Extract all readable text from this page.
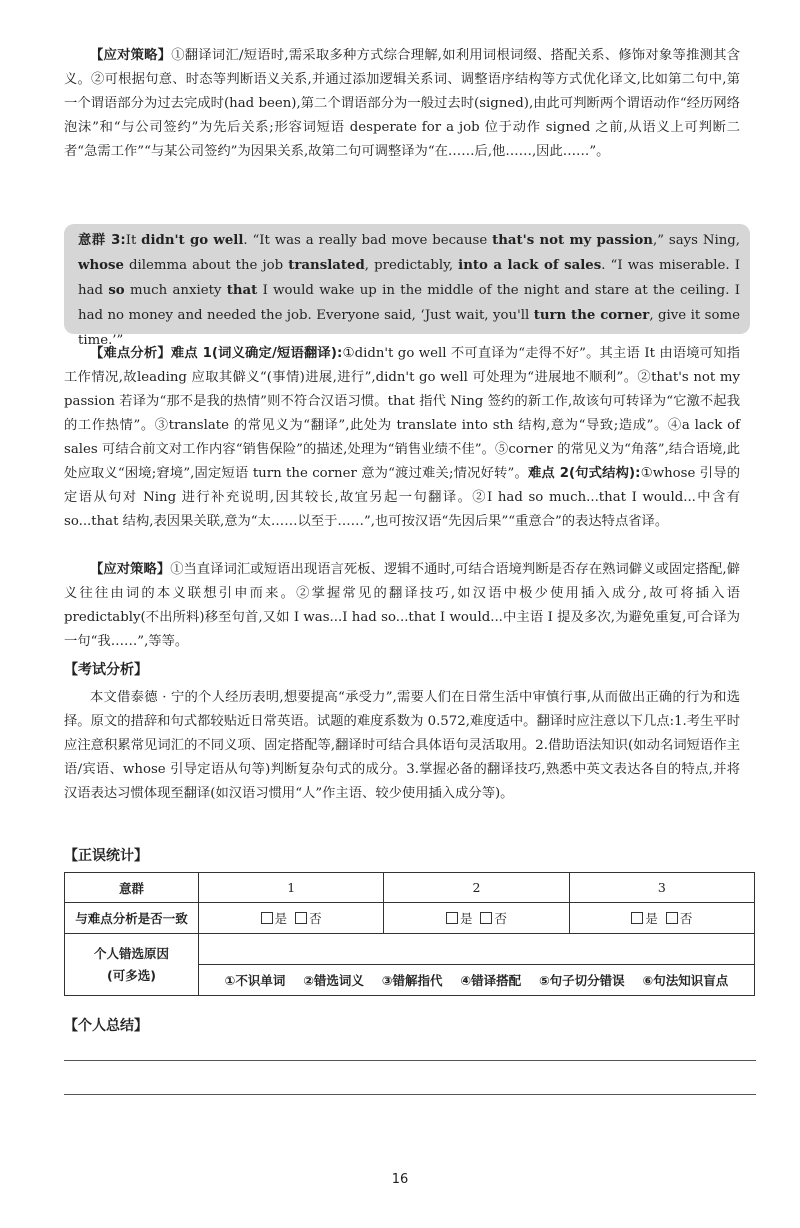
【应对策略】①翻译词汇/短语时,需采取多种方式综合理解,如利用词根词缀、搭配关系、修饰对象等推测其含义。②可根据句意、时态等判断语义关系,并通过添加逻辑关系词、调整语序结构等方式优化译文,比如第二句中,第一个谓语部分为过去完成时(had been),第二个谓语部分为一般过去时(signed),由此可判断两个谓语动作“经历网络泡沫”和“与公司签约”为先后关系;形容词短语 desperate for a job 位于动作 signed 之前,从语义上可判断二者“急需工作”“与某公司签约”为因果关系,故第二句可调整译为“在……后,他……,因此……”。

意群 3:It didn't go well. “It was a really bad move because that's not my passion,” says Ning, whose dilemma about the job translated, predictably, into a lack of sales. “I was miserable. I had so much anxiety that I would wake up in the middle of the night and stare at the ceiling. I had no money and needed the job. Everyone said, ‘Just wait, you'll turn the corner, give it some time.’”

【难点分析】难点 1(词义确定/短语翻译):①didn't go well 不可直译为“走得不好”。其主语 It 由语境可知指工作情况,故leading 应取其僻义“(事情)进展,进行”,didn't go well 可处理为“进展地不顺利”。②that's not my passion 若译为“那不是我的热情”则不符合汉语习惯。that 指代 Ning 签约的新工作,故该句可转译为“它激不起我的工作热情”。③translate 的常见义为“翻译”,此处为 translate into sth 结构,意为“导致;造成”。④a lack of sales 可结合前文对工作内容“销售保险”的描述,处理为“销售业绩不佳”。⑤corner 的常见义为“角落”,结合语境,此处应取义“困境;窘境”,固定短语 turn the corner 意为“渡过难关;情况好转”。难点 2(句式结构):①whose 引导的定语从句对 Ning 进行补充说明,因其较长,故宜另起一句翻译。②I had so much...that I would...中含有 so...that 结构,表因果关联,意为“太……以至于……”,也可按汉语“先因后果”“重意合”的表达特点省译。

【应对策略】①当直译词汇或短语出现语言死板、逻辑不通时,可结合语境判断是否存在熟词僻义或固定搭配,僻义往往由词的本义联想引申而来。②掌握常见的翻译技巧,如汉语中极少使用插入成分,故可将插入语 predictably(不出所料)移至句首,又如 I was...I had so...that I would...中主语 I 提及多次,为避免重复,可合译为一句“我……”,等等。

【考试分析】

本文借泰德 · 宁的个人经历表明,想要提高“承受力”,需要人们在日常生活中审慎行事,从而做出正确的行为和选择。原文的措辞和句式都较贴近日常英语。试题的难度系数为 0.572,难度适中。翻译时应注意以下几点:1.考生平时应注意积累常见词汇的不同义项、固定搭配等,翻译时可结合具体语句灵活取用。2.借助语法知识(如动名词短语作主语/宾语、whose 引导定语从句等)判断复杂句式的成分。3.掌握必备的翻译技巧,熟悉中英文表达各自的特点,并将汉语表达习惯体现至翻译(如汉语习惯用“人”作主语、较少使用插入成分等)。

【正误统计】
意群	1	2	3
与难点分析是否一致	是 否	是 否	是 否
个人错选原因
(可多选)			
	①不识单词 ②错选词义 ③错解指代 ④错译搭配 ⑤句子切分错误 ⑥句法知识盲点		
【个人总结】
16
